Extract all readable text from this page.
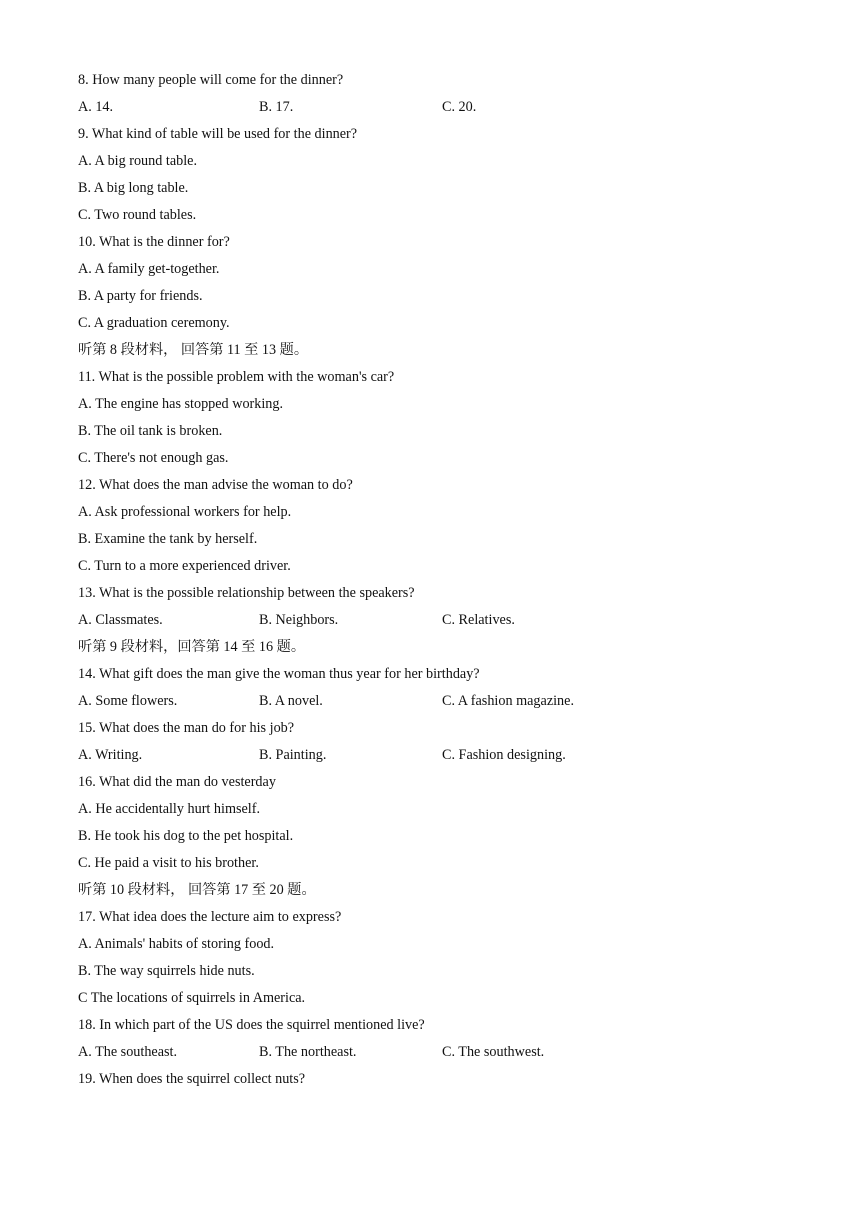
8. How many people will come for the dinner?
A. 14.	B. 17.	C. 20.
9. What kind of table will be used for the dinner?
A. A big round table.
B. A big long table.
C. Two round tables.
10. What is the dinner for?
A. A family get-together.
B. A party for friends.
C. A graduation ceremony.
听第 8 段材料， 回答第 11 至 13 题。
11. What is the possible problem with the woman's car?
A. The engine has stopped working.
B. The oil tank is broken.
C. There's not enough gas.
12. What does the man advise the woman to do?
A. Ask professional workers for help.
B. Examine the tank by herself.
C. Turn to a more experienced driver.
13. What is the possible relationship between the speakers?
A. Classmates.	B. Neighbors.	C. Relatives.
听第 9 段材料，回答第 14 至 16 题。
14. What gift does the man give the woman thus year for her birthday?
A. Some flowers.	B. A novel.	C. A fashion magazine.
15. What does the man do for his job?
A. Writing.	B. Painting.	C. Fashion designing.
16. What did the man do vesterday
A. He accidentally hurt himself.
B. He took his dog to the pet hospital.
C. He paid a visit to his brother.
听第 10 段材料， 回答第 17 至 20 题。
17. What idea does the lecture aim to express?
A. Animals' habits of storing food.
B. The way squirrels hide nuts.
C The locations of squirrels in America.
18. In which part of the US does the squirrel mentioned live?
A. The southeast.	B. The northeast.	C. The southwest.
19. When does the squirrel collect nuts?
